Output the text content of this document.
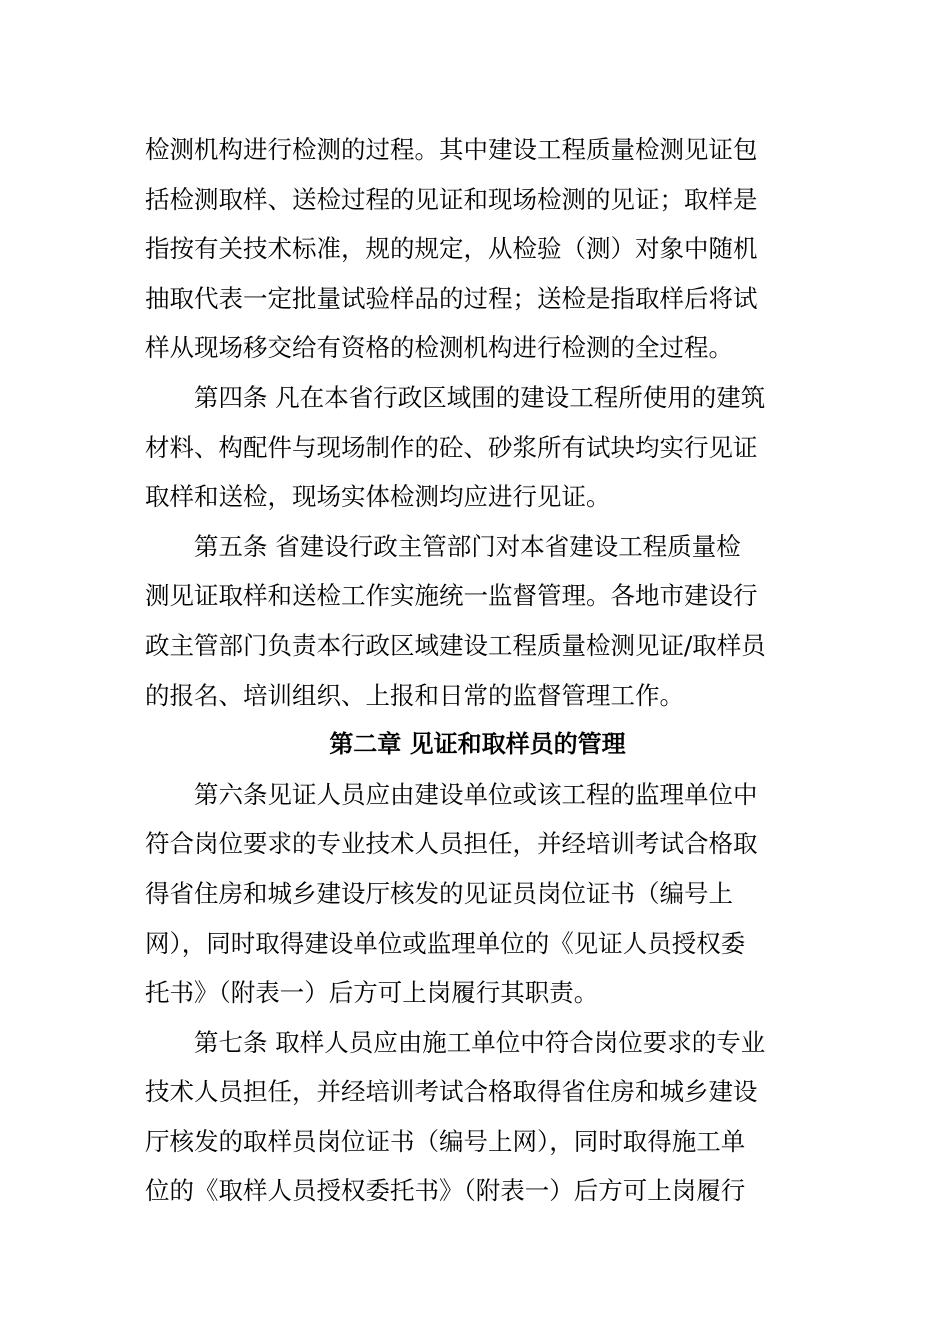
检测机构进行检测的过程。其中建设工程质量检测见证包
括检测取样、送检过程的见证和现场检测的见证；取样是
指按有关技术标准，规的规定，从检验（测）对象中随机
抽取代表一定批量试验样品的过程；送检是指取样后将试
样从现场移交给有资格的检测机构进行检测的全过程。
第四条 凡在本省行政区域围的建设工程所使用的建筑
材料、构配件与现场制作的砼、砂浆所有试块均实行见证
取样和送检，现场实体检测均应进行见证。
第五条 省建设行政主管部门对本省建设工程质量检
测见证取样和送检工作实施统一监督管理。各地市建设行
政主管部门负责本行政区域建设工程质量检测见证/取样员
的报名、培训组织、上报和日常的监督管理工作。
第二章 见证和取样员的管理
第六条见证人员应由建设单位或该工程的监理单位中
符合岗位要求的专业技术人员担任，并经培训考试合格取
得省住房和城乡建设厅核发的见证员岗位证书（编号上
网），同时取得建设单位或监理单位的《见证人员授权委
托书》（附表一）后方可上岗履行其职责。
第七条 取样人员应由施工单位中符合岗位要求的专业
技术人员担任，并经培训考试合格取得省住房和城乡建设
厅核发的取样员岗位证书（编号上网），同时取得施工单
位的《取样人员授权委托书》（附表一）后方可上岗履行
